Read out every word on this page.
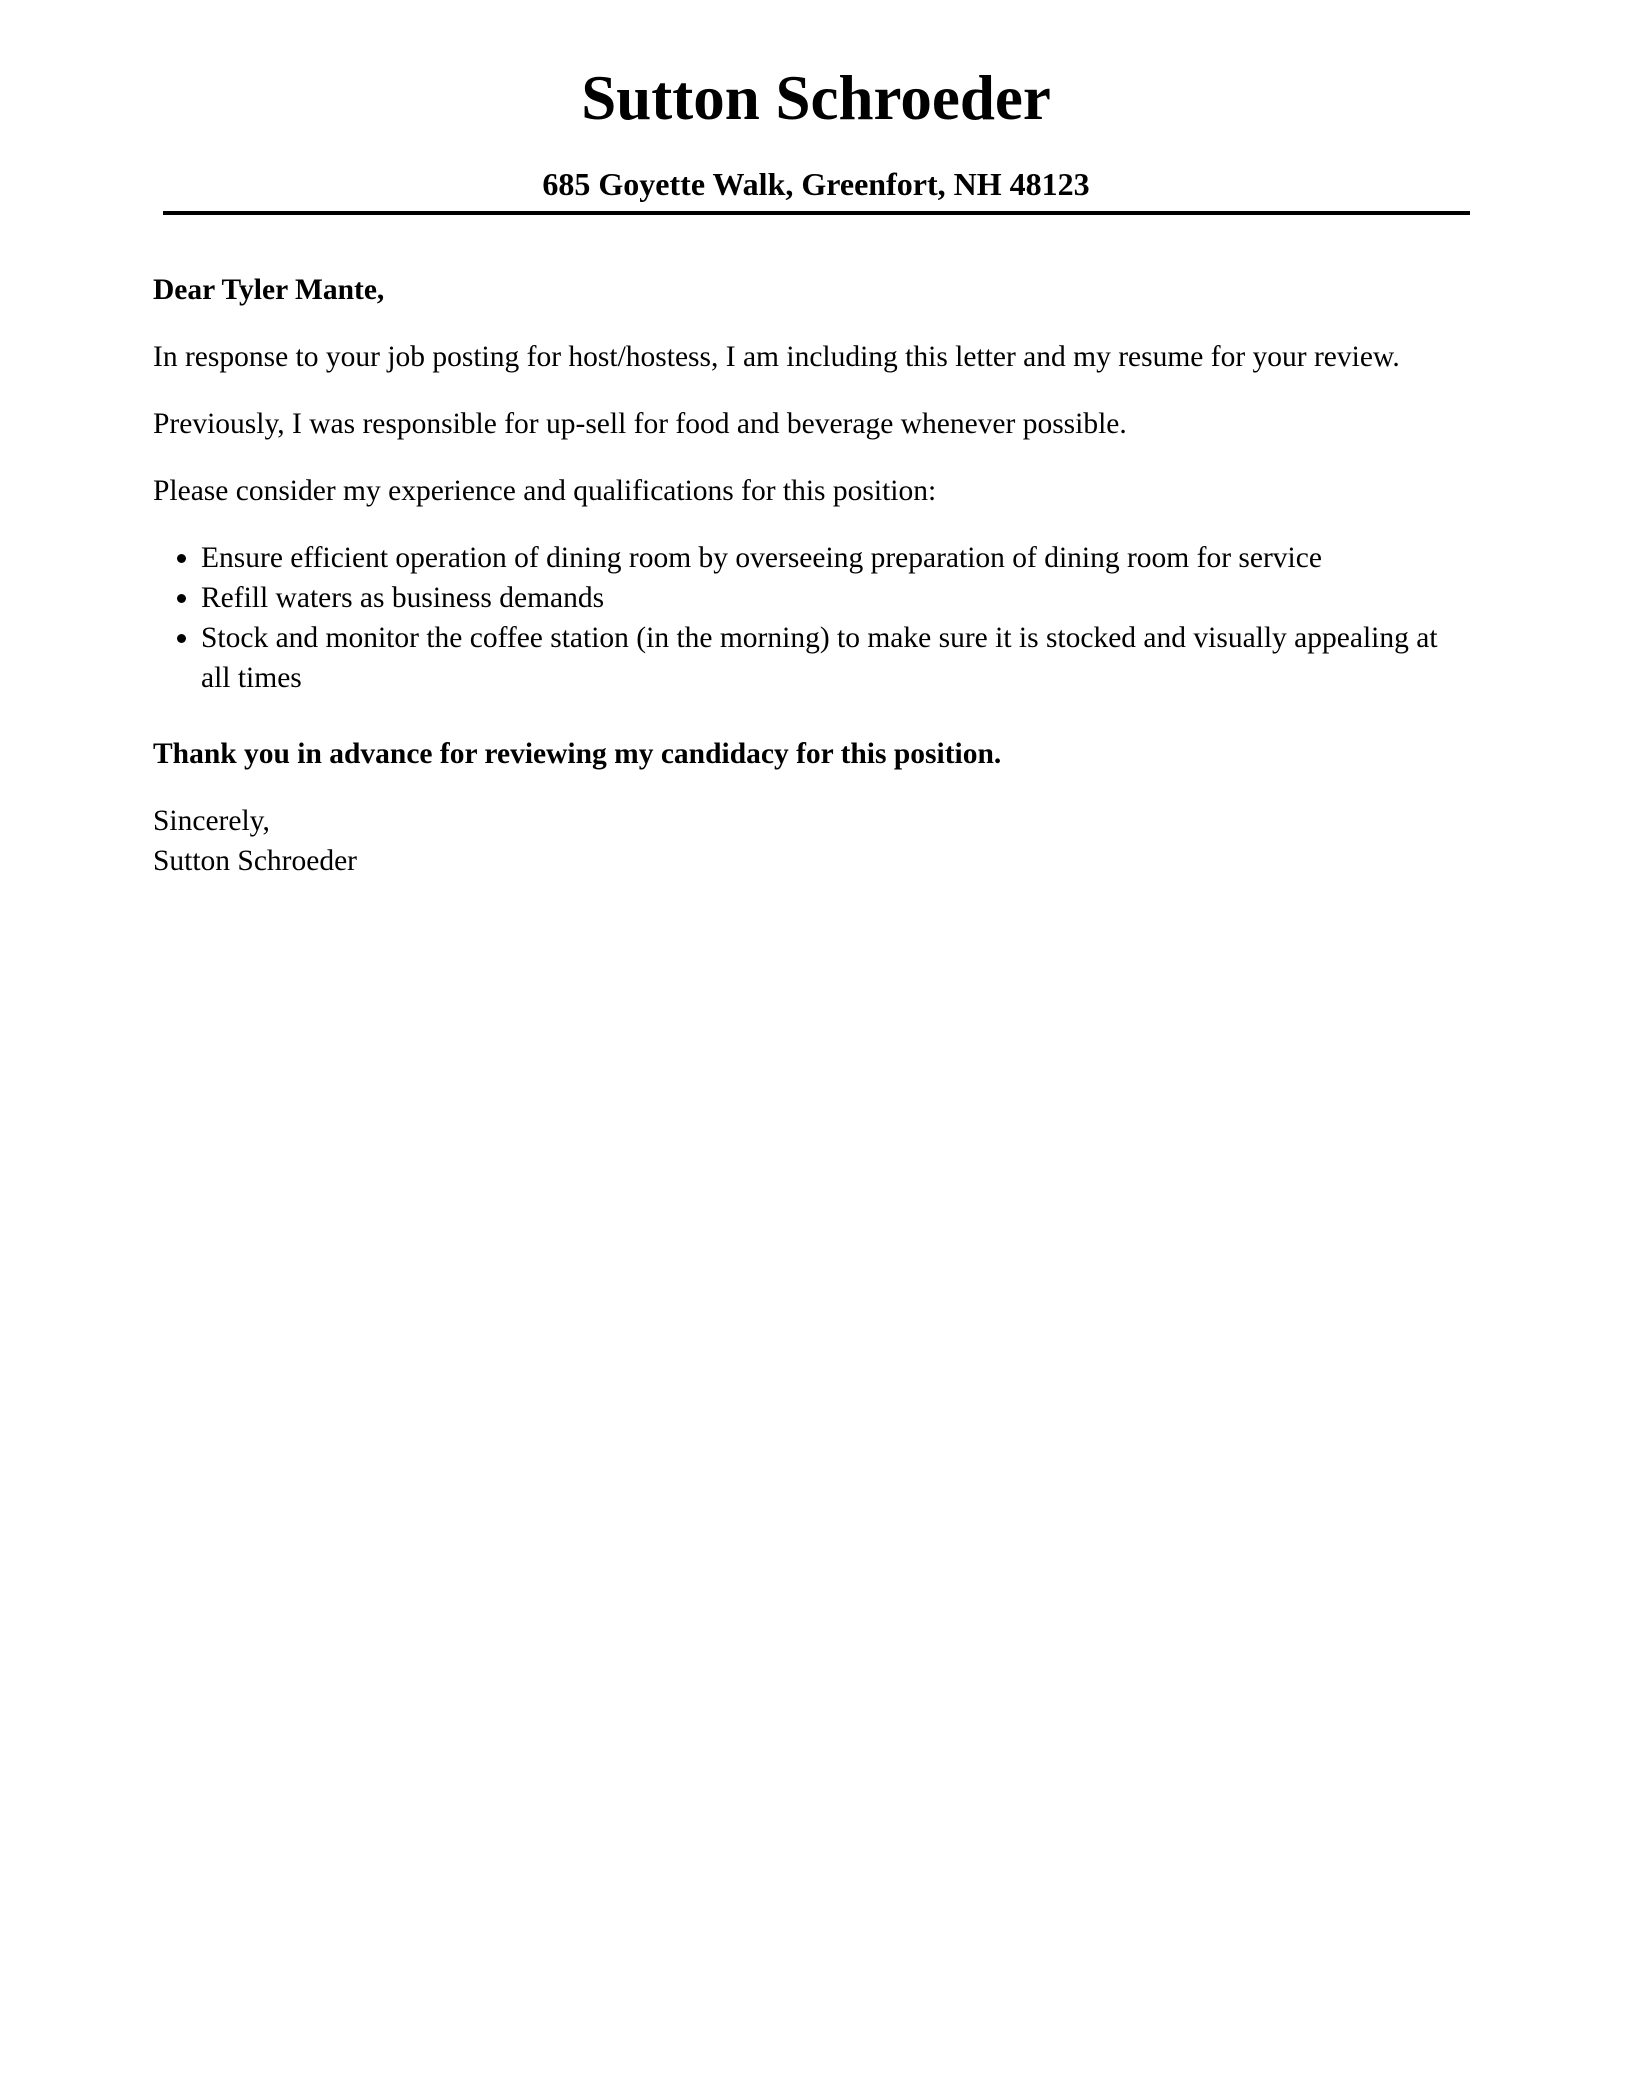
Sutton Schroeder
685 Goyette Walk, Greenfort, NH 48123

Dear Tyler Mante,

In response to your job posting for host/hostess, I am including this letter and my resume for your review.

Previously, I was responsible for up-sell for food and beverage whenever possible.

Please consider my experience and qualifications for this position:

Ensure efficient operation of dining room by overseeing preparation of dining room for service
Refill waters as business demands
Stock and monitor the coffee station (in the morning) to make sure it is stocked and visually appealing at all times

Thank you in advance for reviewing my candidacy for this position.

Sincerely,
Sutton Schroeder
